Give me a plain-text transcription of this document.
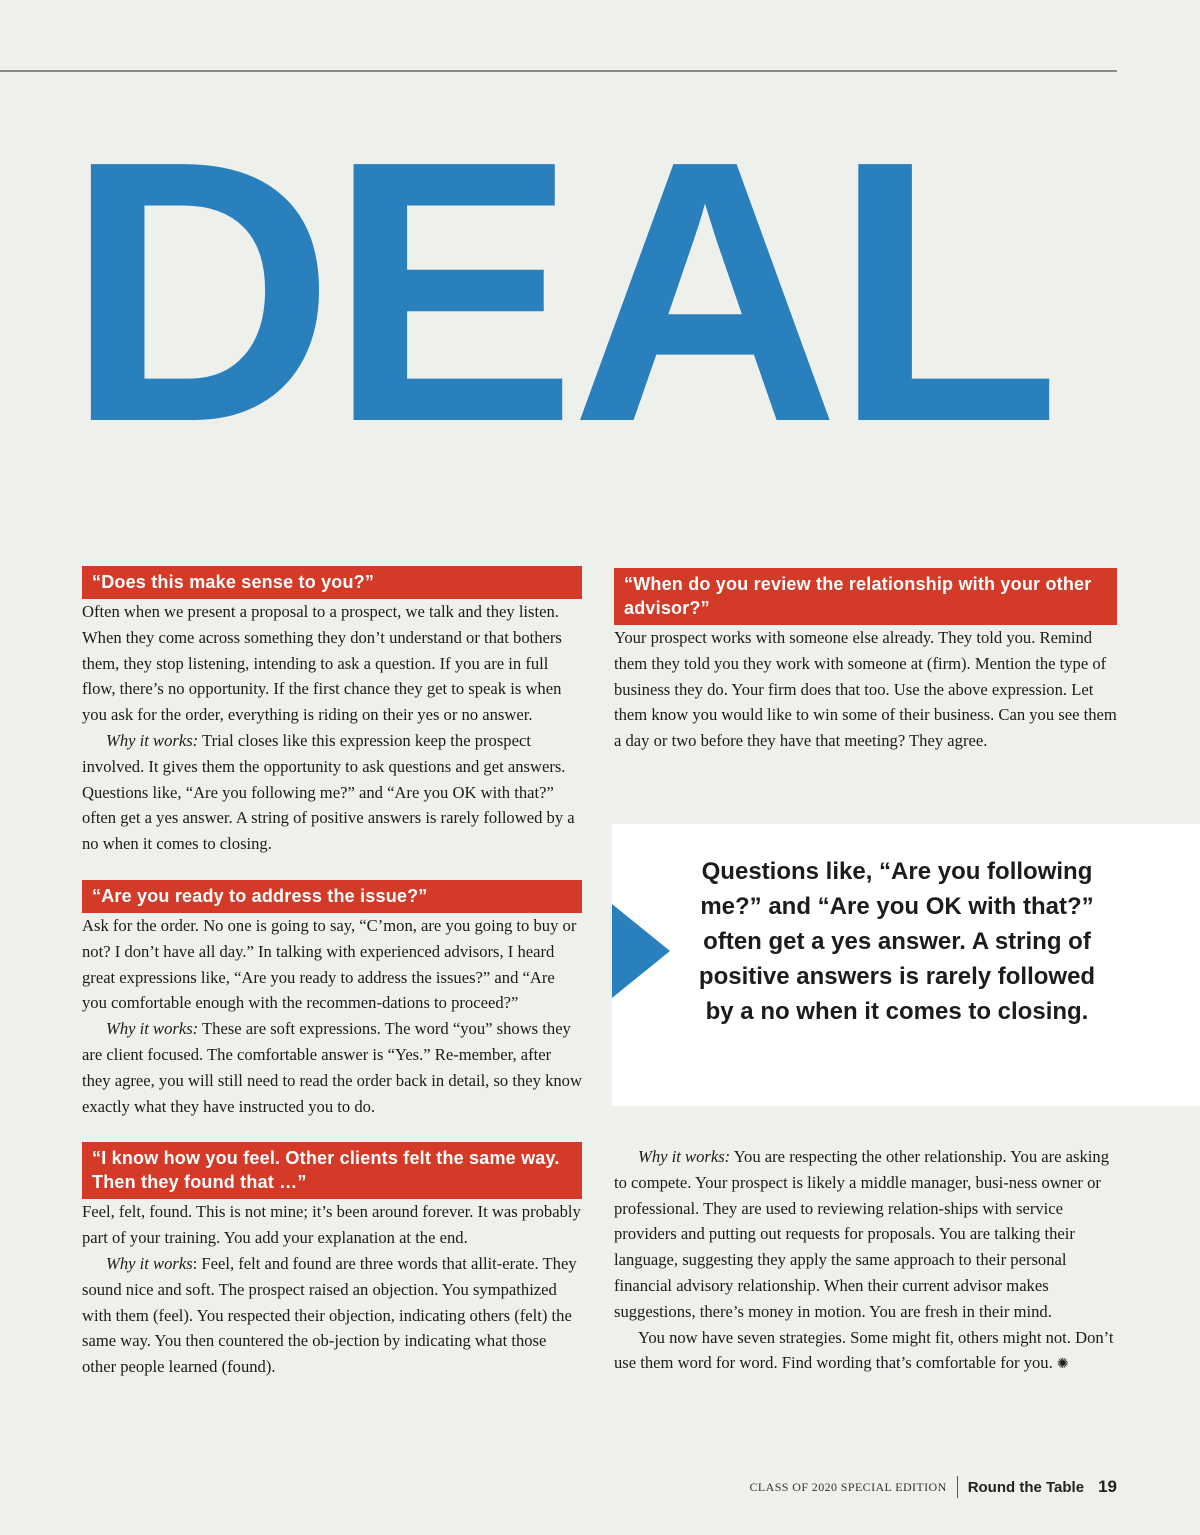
DEAL
“Does this make sense to you?”

Often when we present a proposal to a prospect, we talk and they listen. When they come across something they don’t understand or that bothers them, they stop listening, intending to ask a question. If you are in full flow, there’s no opportunity. If the first chance they get to speak is when you ask for the order, everything is riding on their yes or no answer.

Why it works: Trial closes like this expression keep the prospect involved. It gives them the opportunity to ask questions and get answers. Questions like, “Are you following me?” and “Are you OK with that?” often get a yes answer. A string of positive answers is rarely followed by a no when it comes to closing.

“Are you ready to address the issue?”

Ask for the order. No one is going to say, “C’mon, are you going to buy or not? I don’t have all day.” In talking with experienced advisors, I heard great expressions like, “Are you ready to address the issues?” and “Are you comfortable enough with the recommen-dations to proceed?”

Why it works: These are soft expressions. The word “you” shows they are client focused. The comfortable answer is “Yes.” Re-member, after they agree, you will still need to read the order back in detail, so they know exactly what they have instructed you to do.

“I know how you feel. Other clients felt the same way. Then they found that …”

Feel, felt, found. This is not mine; it’s been around forever. It was probably part of your training. You add your explanation at the end.

Why it works: Feel, felt and found are three words that allit-erate. They sound nice and soft. The prospect raised an objection. You sympathized with them (feel). You respected their objection, indicating others (felt) the same way. You then countered the ob-jection by indicating what those other people learned (found).

“When do you review the relationship with your other advisor?”

Your prospect works with someone else already. They told you. Remind them they told you they work with someone at (firm). Mention the type of business they do. Your firm does that too. Use the above expression. Let them know you would like to win some of their business. Can you see them a day or two before they have that meeting? They agree.

Questions like, “Are you following me?” and “Are you OK with that?” often get a yes answer. A string of positive answers is rarely followed by a no when it comes to closing.

Why it works: You are respecting the other relationship. You are asking to compete. Your prospect is likely a middle manager, busi-ness owner or professional. They are used to reviewing relation-ships with service providers and putting out requests for proposals. You are talking their language, suggesting they apply the same approach to their personal financial advisory relationship. When their current advisor makes suggestions, there’s money in motion. You are fresh in their mind.

You now have seven strategies. Some might fit, others might not. Don’t use them word for word. Find wording that’s comfortable for you. ✺

CLASS OF 2020 SPECIAL EDITION Round the Table 19
